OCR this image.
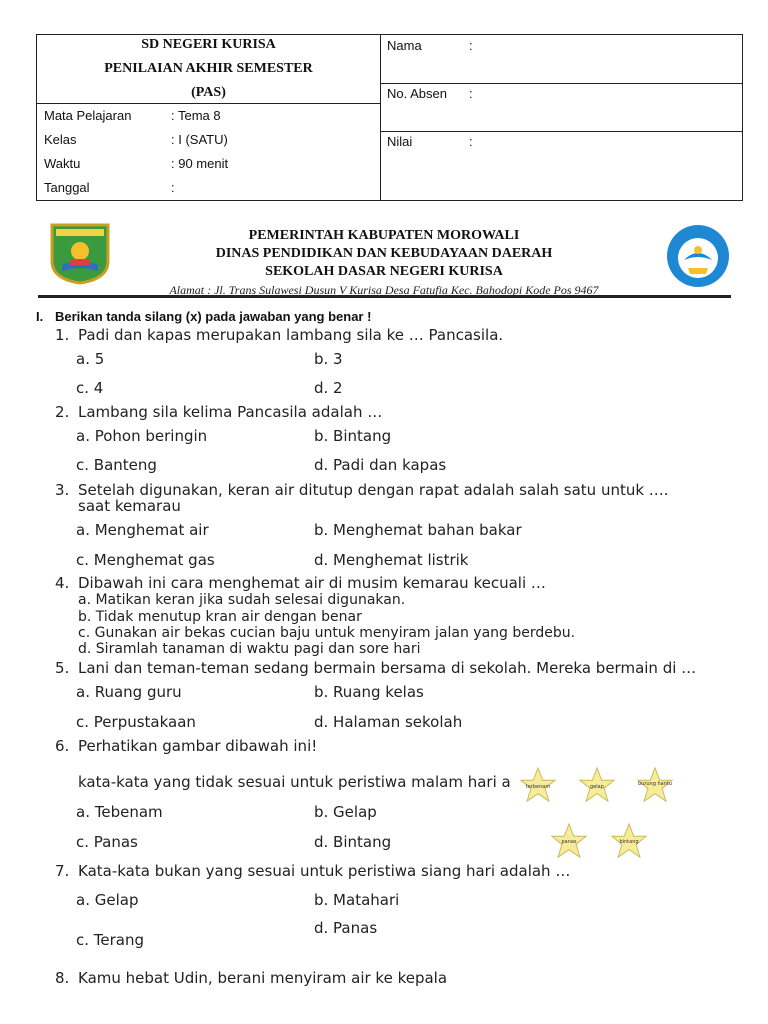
SD NEGERI KURISA
PENILAIAN AKHIR SEMESTER
(PAS)
Mata Pelajaran	: Tema 8
Kelas	: I (SATU)
Waktu	: 90 menit
Tanggal	:
Nama	:
No. Absen :
Nilai	:
PEMERINTAH KABUPATEN MOROWALI
DINAS PENDIDIKAN DAN KEBUDAYAAN DAERAH
SEKOLAH DASAR NEGERI KURISA
Alamat : Jl. Trans Sulawesi Dusun V Kurisa Desa Fatufia Kec. Bahodopi Kode Pos 9467
I. Berikan tanda silang (x) pada jawaban yang benar !
1. Padi dan kapas merupakan lambang sila ke … Pancasila.
a. 5	b. 3
c. 4	d. 2
2. Lambang sila kelima Pancasila adalah …
a. Pohon beringin	b. Bintang
c. Banteng	d. Padi dan kapas
3. Setelah digunakan, keran air ditutup dengan rapat adalah salah satu untuk ….
saat kemarau
a. Menghemat air	b. Menghemat bahan bakar
c. Menghemat gas	d. Menghemat listrik
4. Dibawah ini cara menghemat air di musim kemarau kecuali …
a. Matikan keran jika sudah selesai digunakan.
b. Tidak menutup kran air dengan benar
c. Gunakan air bekas cucian baju untuk menyiram jalan yang berdebu.
d. Siramlah tanaman di waktu pagi dan sore hari
5. Lani dan teman-teman sedang bermain bersama di sekolah. Mereka bermain di …
a. Ruang guru	b. Ruang kelas
c. Perpustakaan	d. Halaman sekolah
6. Perhatikan gambar dibawah ini!
kata-kata yang tidak sesuai untuk peristiwa malam hari a
a. Tebenam	b. Gelap
c. Panas	d. Bintang
terbenam	gelap	burung hantu
panas	bintang
7. Kata-kata bukan yang sesuai untuk peristiwa siang hari adalah …
a. Gelap	b. Matahari
c. Terang
d. Panas
8. Kamu hebat Udin, berani menyiram air ke kepala
